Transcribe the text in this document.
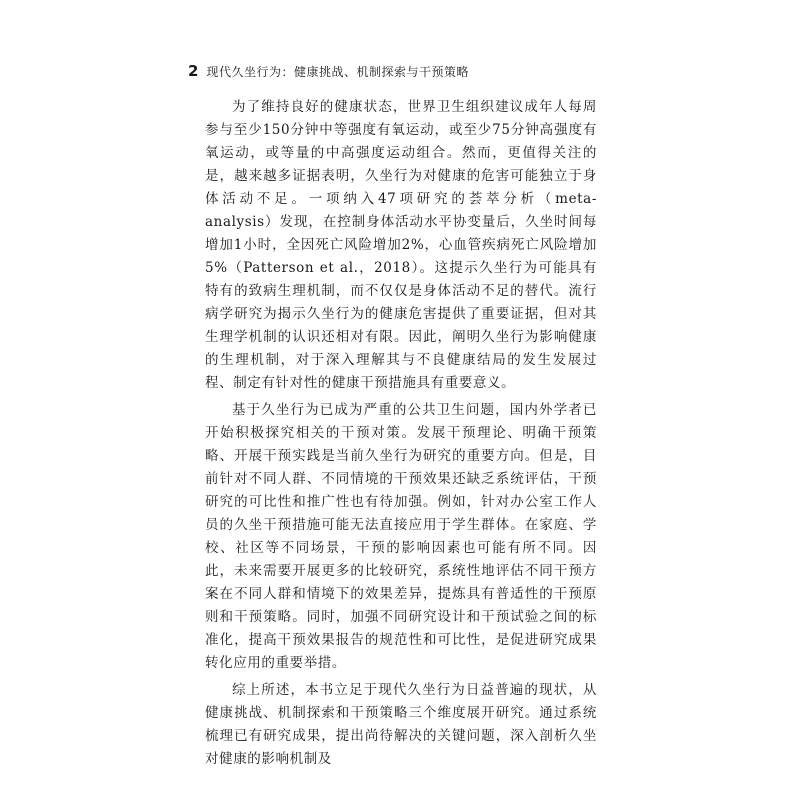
2 现代久坐行为：健康挑战、机制探索与干预策略

为了维持良好的健康状态，世界卫生组织建议成年人每周参与至少150分钟中等强度有氧运动，或至少75分钟高强度有氧运动，或等量的中高强度运动组合。然而，更值得关注的是，越来越多证据表明，久坐行为对健康的危害可能独立于身体活动不足。一项纳入47项研究的荟萃分析（meta-analysis）发现，在控制身体活动水平协变量后，久坐时间每增加1小时，全因死亡风险增加2%，心血管疾病死亡风险增加5%（Patterson et al.，2018）。这提示久坐行为可能具有特有的致病生理机制，而不仅仅是身体活动不足的替代。流行病学研究为揭示久坐行为的健康危害提供了重要证据，但对其生理学机制的认识还相对有限。因此，阐明久坐行为影响健康的生理机制，对于深入理解其与不良健康结局的发生发展过程、制定有针对性的健康干预措施具有重要意义。

基于久坐行为已成为严重的公共卫生问题，国内外学者已开始积极探究相关的干预对策。发展干预理论、明确干预策略、开展干预实践是当前久坐行为研究的重要方向。但是，目前针对不同人群、不同情境的干预效果还缺乏系统评估，干预研究的可比性和推广性也有待加强。例如，针对办公室工作人员的久坐干预措施可能无法直接应用于学生群体。在家庭、学校、社区等不同场景，干预的影响因素也可能有所不同。因此，未来需要开展更多的比较研究，系统性地评估不同干预方案在不同人群和情境下的效果差异，提炼具有普适性的干预原则和干预策略。同时，加强不同研究设计和干预试验之间的标准化，提高干预效果报告的规范性和可比性，是促进研究成果转化应用的重要举措。

综上所述，本书立足于现代久坐行为日益普遍的现状，从健康挑战、机制探索和干预策略三个维度展开研究。通过系统梳理已有研究成果，提出尚待解决的关键问题，深入剖析久坐对健康的影响机制及
